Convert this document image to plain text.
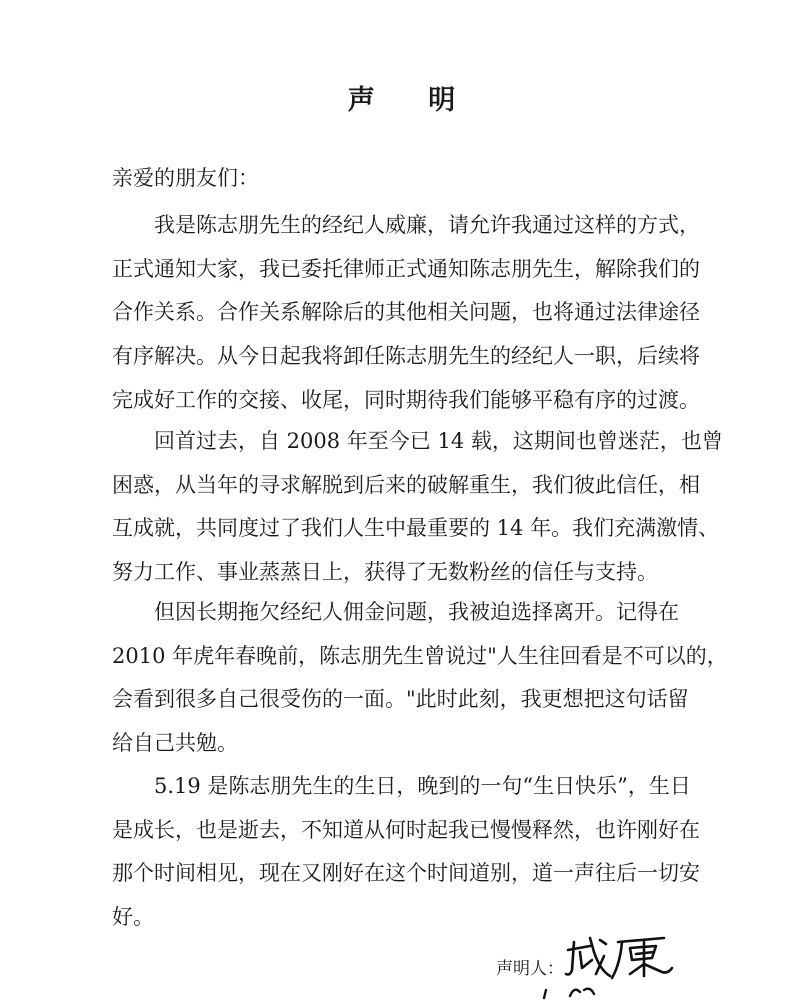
声 明
亲爱的朋友们：
我是陈志朋先生的经纪人威廉，请允许我通过这样的方式，
正式通知大家，我已委托律师正式通知陈志朋先生，解除我们的
合作关系。合作关系解除后的其他相关问题，也将通过法律途径
有序解决。从今日起我将卸任陈志朋先生的经纪人一职，后续将
完成好工作的交接、收尾，同时期待我们能够平稳有序的过渡。
回首过去，自 2008 年至今已 14 载，这期间也曾迷茫，也曾
困惑，从当年的寻求解脱到后来的破解重生，我们彼此信任，相
互成就，共同度过了我们人生中最重要的 14 年。我们充满激情、
努力工作、事业蒸蒸日上，获得了无数粉丝的信任与支持。
但因长期拖欠经纪人佣金问题，我被迫选择离开。记得在
2010 年虎年春晚前，陈志朋先生曾说过"人生往回看是不可以的，
会看到很多自己很受伤的一面。"此时此刻，我更想把这句话留
给自己共勉。
5.19 是陈志朋先生的生日，晚到的一句“生日快乐”，生日
是成长，也是逝去，不知道从何时起我已慢慢释然，也许刚好在
那个时间相见，现在又刚好在这个时间道别，道一声往后一切安
好。
声明人：
